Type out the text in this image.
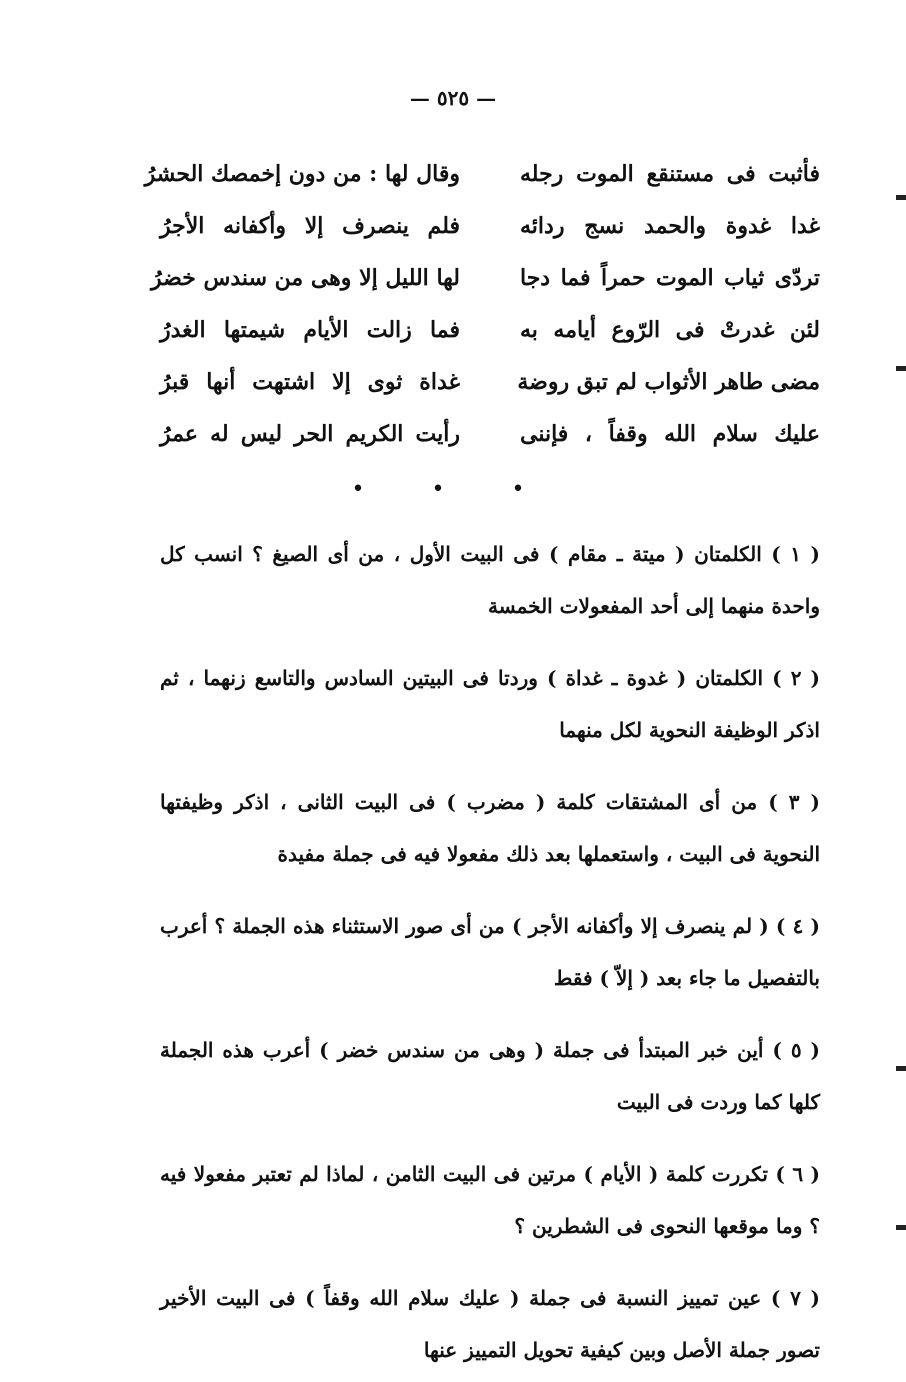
— ٥٢٥ —
فأثبت فى مستنقع الموت رجله
وقال لها : من دون إخمصك الحشرُ
غدا غدوة والحمد نسج ردائه
فلم ينصرف إلا وأكفانه الأجرُ
تردّى ثياب الموت حمراً فما دجا
لها الليل إلا وهى من سندس خضرُ
لئن غدرتْ فى الرّوع أيامه به
فما زالت الأيام شيمتها الغدرُ
مضى طاهر الأثواب لم تبق روضة
غداة ثوى إلا اشتهت أنها قبرُ
عليك سلام الله وقفاً ، فإننى
رأيت الكريم الحر ليس له عمرُ
• • •

( ١ ) الكلمتان ( ميتة ـ مقام ) فى البيت الأول ، من أى الصيغ ؟ انسب كل واحدة منهما إلى أحد المفعولات الخمسة

( ٢ ) الكلمتان ( غدوة ـ غداة ) وردتا فى البيتين السادس والتاسع زنهما ، ثم اذكر الوظيفة النحوية لكل منهما

( ٣ ) من أى المشتقات كلمة ( مضرب ) فى البيت الثانى ، اذكر وظيفتها النحوية فى البيت ، واستعملها بعد ذلك مفعولا فيه فى جملة مفيدة

( ٤ ) ( لم ينصرف إلا وأكفانه الأجر ) من أى صور الاستثناء هذه الجملة ؟ أعرب بالتفصيل ما جاء بعد ( إلاّ ) فقط

( ٥ ) أين خبر المبتدأ فى جملة ( وهى من سندس خضر ) أعرب هذه الجملة كلها كما وردت فى البيت

( ٦ ) تكررت كلمة ( الأيام ) مرتين فى البيت الثامن ، لماذا لم تعتبر مفعولا فيه ؟ وما موقعها النحوى فى الشطرين ؟

( ٧ ) عين تمييز النسبة فى جملة ( عليك سلام الله وقفاً ) فى البيت الأخير تصور جملة الأصل وبين كيفية تحويل التمييز عنها
